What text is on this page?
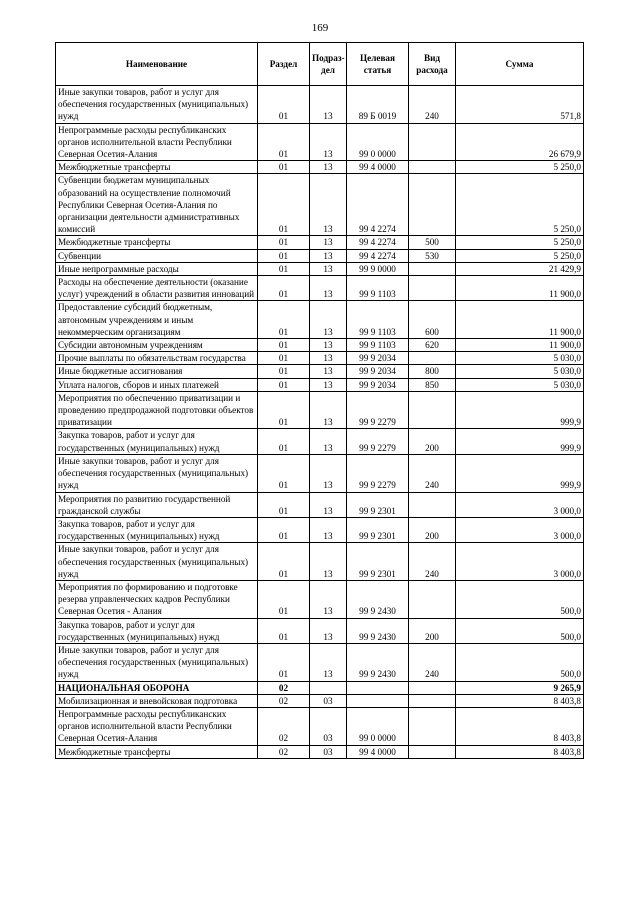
169
Наименование	Раздел	Подраз-дел	Целевая статья	Вид расхода	Сумма
Иные закупки товаров, работ и услуг для обеспечения государственных (муниципальных) нужд	01	13	89 Б 0019	240	571,8
Непрограммные расходы республиканских органов исполнительной власти Республики Северная Осетия-Алания	01	13	99 0 0000		26 679,9
Межбюджетные трансферты	01	13	99 4 0000		5 250,0
Субвенции бюджетам муниципальных образований на осуществление полномочий Республики Северная Осетия-Алания по организации деятельности административных комиссий	01	13	99 4 2274		5 250,0
Межбюджетные трансферты	01	13	99 4 2274	500	5 250,0
Субвенции	01	13	99 4 2274	530	5 250,0
Иные непрограммные расходы	01	13	99 9 0000		21 429,9
Расходы на обеспечение деятельности (оказание услуг) учреждений в области развития инноваций	01	13	99 9 1103		11 900,0
Предоставление субсидий бюджетным, автономным учреждениям и иным некоммерческим организациям	01	13	99 9 1103	600	11 900,0
Субсидии автономным учреждениям	01	13	99 9 1103	620	11 900,0
Прочие выплаты по обязательствам государства	01	13	99 9 2034		5 030,0
Иные бюджетные ассигнования	01	13	99 9 2034	800	5 030,0
Уплата налогов, сборов и иных платежей	01	13	99 9 2034	850	5 030,0
Мероприятия по обеспечению приватизации и проведению предпродажной подготовки объектов приватизации	01	13	99 9 2279		999,9
Закупка товаров, работ и услуг для государственных (муниципальных) нужд	01	13	99 9 2279	200	999,9
Иные закупки товаров, работ и услуг для обеспечения государственных (муниципальных) нужд	01	13	99 9 2279	240	999,9
Мероприятия по развитию государственной гражданской службы	01	13	99 9 2301		3 000,0
Закупка товаров, работ и услуг для государственных (муниципальных) нужд	01	13	99 9 2301	200	3 000,0
Иные закупки товаров, работ и услуг для обеспечения государственных (муниципальных) нужд	01	13	99 9 2301	240	3 000,0
Мероприятия по формированию и подготовке резерва управленческих кадров Республики Северная Осетия - Алания	01	13	99 9 2430		500,0
Закупка товаров, работ и услуг для государственных (муниципальных) нужд	01	13	99 9 2430	200	500,0
Иные закупки товаров, работ и услуг для обеспечения государственных (муниципальных) нужд	01	13	99 9 2430	240	500,0
НАЦИОНАЛЬНАЯ ОБОРОНА	02				9 265,9
Мобилизационная и вневойсковая подготовка	02	03			8 403,8
Непрограммные расходы республиканских органов исполнительной власти Республики Северная Осетия-Алания	02	03	99 0 0000		8 403,8
Межбюджетные трансферты	02	03	99 4 0000		8 403,8
